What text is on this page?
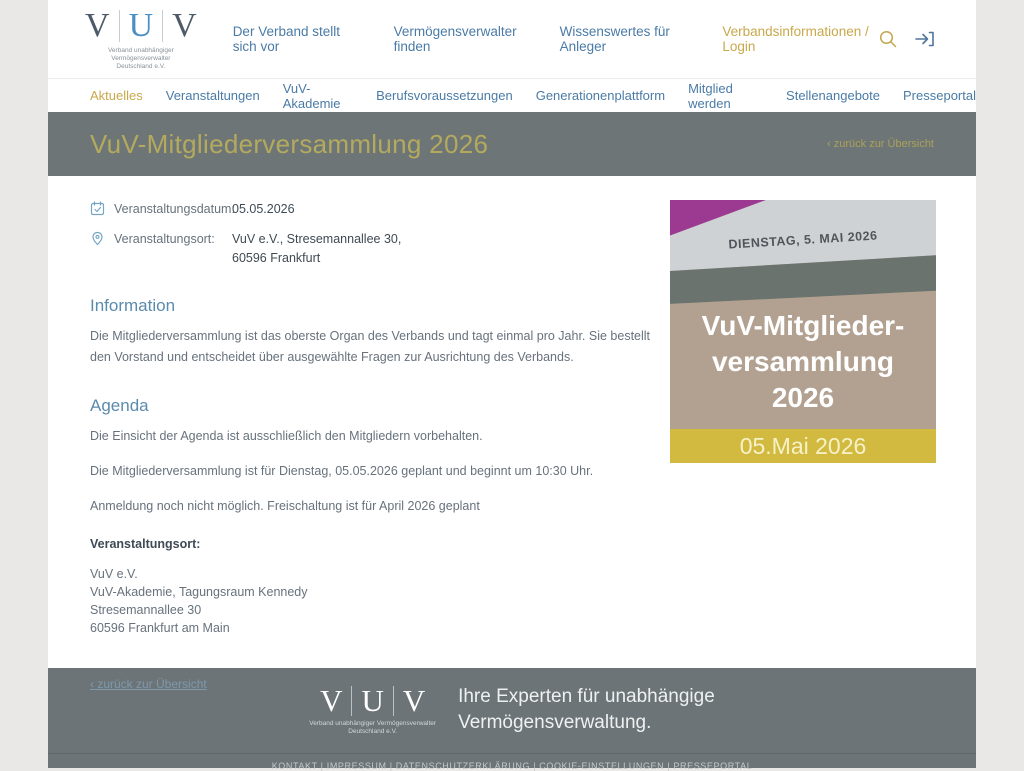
V U V
Verband unabhängiger Vermögensverwalter
Deutschland e.V.
Der Verband stellt sich vor
Vermögensverwalter finden
Wissenswertes für Anleger
Verbandsinformationen / Login
Aktuelles Veranstaltungen VuV-Akademie	Berufsvoraussetzungen Generationenplattform Mitglied werden	Stellenangebote Presseportal
VuV-Mitgliederversammlung 2026	‹ zurück zur Übersicht
Veranstaltungsdatum:
05.05.2026
Veranstaltungsort:	VuV e.V., Stresemannallee 30,
60596 Frankfurt
Information

Die Mitgliederversammlung ist das oberste Organ des Verbands und tagt einmal pro Jahr. Sie bestellt den Vorstand und entscheidet über ausgewählte Fragen zur Ausrichtung des Verbands.

Agenda

Die Einsicht der Agenda ist ausschließlich den Mitgliedern vorbehalten.

Die Mitgliederversammlung ist für Dienstag, 05.05.2026 geplant und beginnt um 10:30 Uhr.

Anmeldung noch nicht möglich. Freischaltung ist für April 2026 geplant

Veranstaltungsort:
VuV e.V.
VuV-Akademie, Tagungsraum Kennedy
Stresemannallee 30
60596 Frankfurt am Main
‹ zurück zur Übersicht
DIENSTAG, 5. MAI 2026
VuV-Mitglieder-
versammlung
2026
05.Mai 2026
V U V
Verband unabhängiger Vermögensverwalter
Deutschland e.V.
Ihre Experten für unabhängige
Vermögensverwaltung.
KONTAKT | IMPRESSUM | DATENSCHUTZERKLÄRUNG | COOKIE-EINSTELLUNGEN | PRESSEPORTAL
